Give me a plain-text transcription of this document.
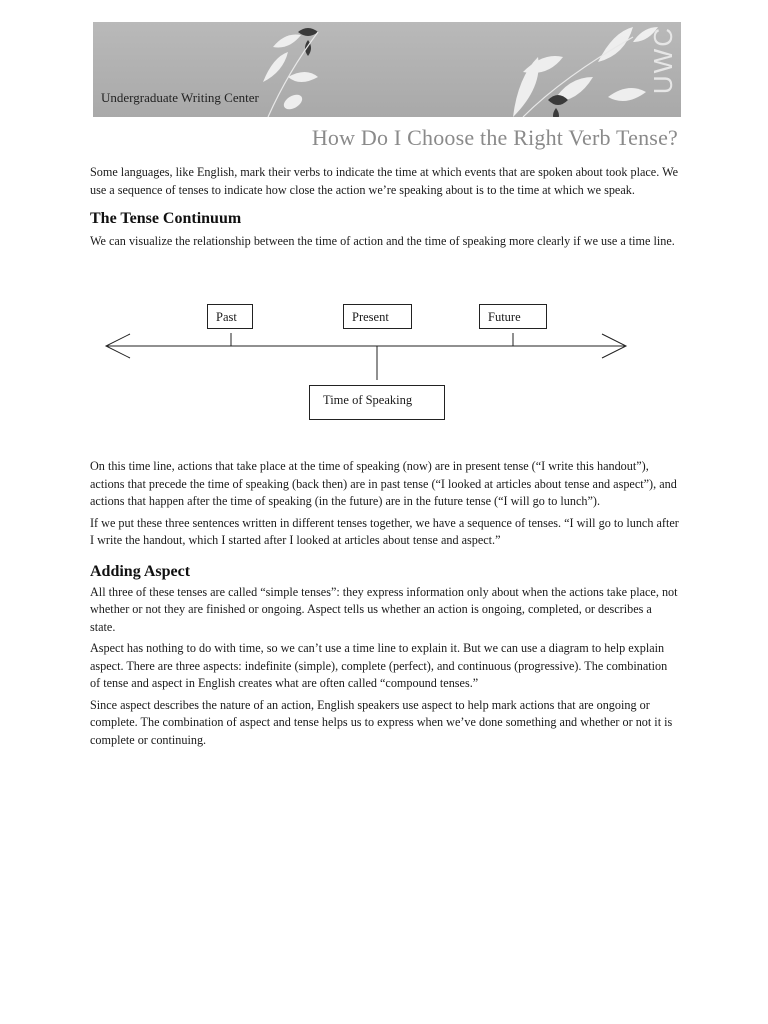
Undergraduate Writing Center
UWC
How Do I Choose the Right Verb Tense?

Some languages, like English, mark their verbs to indicate the time at which events that are spoken about took place. We use a sequence of tenses to indicate how close the action we’re speaking about is to the time at which we speak.

The Tense Continuum

We can visualize the relationship between the time of action and the time of speaking more clearly if we use a time line.

Past	Present	Future
Time of Speaking

On this time line, actions that take place at the time of speaking (now) are in present tense (“I write this handout”), actions that precede the time of speaking (back then) are in past tense (“I looked at articles about tense and aspect”), and actions that happen after the time of speaking (in the future) are in the future tense (“I will go to lunch”).

If we put these three sentences written in different tenses together, we have a sequence of tenses. “I will go to lunch after I write the handout, which I started after I looked at articles about tense and aspect.”

Adding Aspect

All three of these tenses are called “simple tenses”: they express information only about when the actions take place, not whether or not they are finished or ongoing. Aspect tells us whether an action is ongoing, completed, or describes a state.

Aspect has nothing to do with time, so we can’t use a time line to explain it. But we can use a diagram to help explain aspect. There are three aspects: indefinite (simple), complete (perfect), and continuous (progressive). The combination of tense and aspect in English creates what are often called “compound tenses.”

Since aspect describes the nature of an action, English speakers use aspect to help mark actions that are ongoing or complete. The combination of aspect and tense helps us to express when we’ve done something and whether or not it is complete or continuing.
